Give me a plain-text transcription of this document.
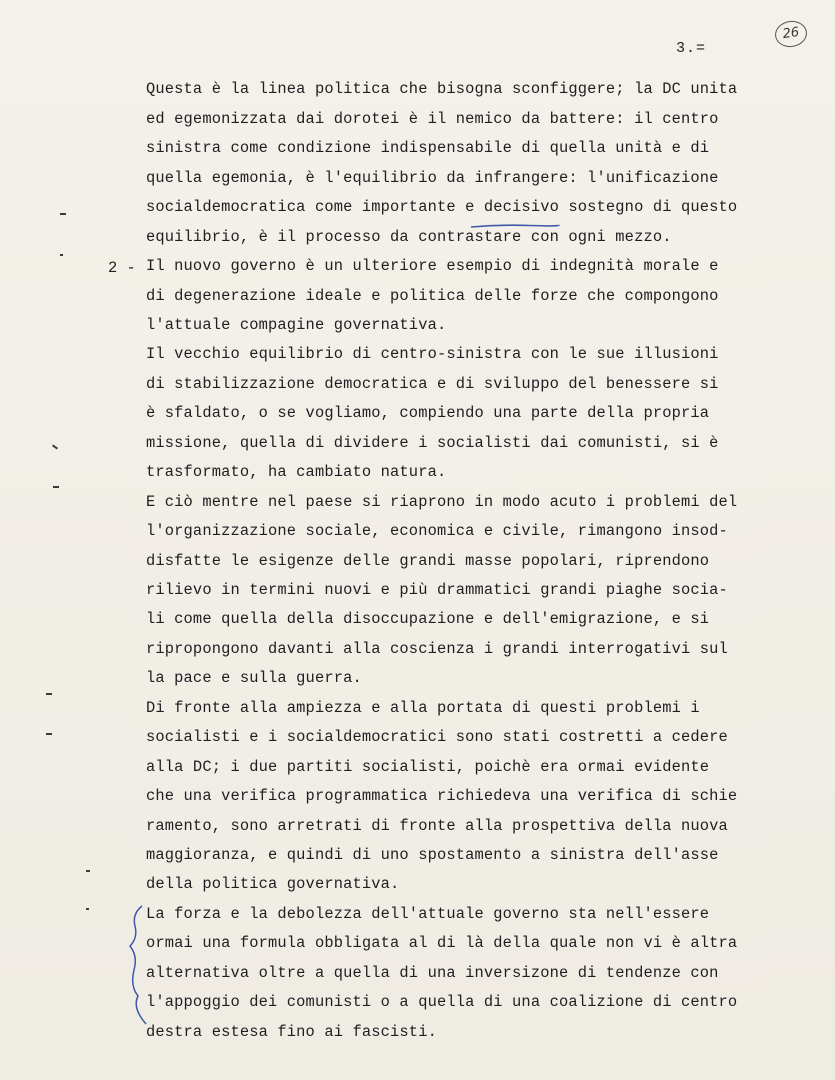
26
3.=
2 -
Questa è la linea politica che bisogna sconfiggere; la DC unita
ed egemonizzata dai dorotei è il nemico da battere: il centro
sinistra come condizione indispensabile di quella unità e di
quella egemonia, è l'equilibrio da infrangere: l'unificazione
socialdemocratica come importante e decisivo sostegno di questo
equilibrio, è il processo da contrastare con ogni mezzo.
Il nuovo governo è un ulteriore esempio di indegnità morale e
di degenerazione ideale e politica delle forze che compongono
l'attuale compagine governativa.
Il vecchio equilibrio di centro-sinistra con le sue illusioni
di stabilizzazione democratica e di sviluppo del benessere si
è sfaldato, o se vogliamo, compiendo una parte della propria
missione, quella di dividere i socialisti dai comunisti, si è
trasformato, ha cambiato natura.
E ciò mentre nel paese si riaprono in modo acuto i problemi del
l'organizzazione sociale, economica e civile, rimangono insod-
disfatte le esigenze delle grandi masse popolari, riprendono
rilievo in termini nuovi e più drammatici grandi piaghe socia-
li come quella della disoccupazione e dell'emigrazione, e si
ripropongono davanti alla coscienza i grandi interrogativi sul
la pace e sulla guerra.
Di fronte alla ampiezza e alla portata di questi problemi i
socialisti e i socialdemocratici sono stati costretti a cedere
alla DC; i due partiti socialisti, poichè era ormai evidente
che una verifica programmatica richiedeva una verifica di schie
ramento, sono arretrati di fronte alla prospettiva della nuova
maggioranza, e quindi di uno spostamento a sinistra dell'asse
della politica governativa.
La forza e la debolezza dell'attuale governo sta nell'essere
ormai una formula obbligata al di là della quale non vi è altra
alternativa oltre a quella di una inversizone di tendenze con
l'appoggio dei comunisti o a quella di una coalizione di centro
destra estesa fino ai fascisti.
